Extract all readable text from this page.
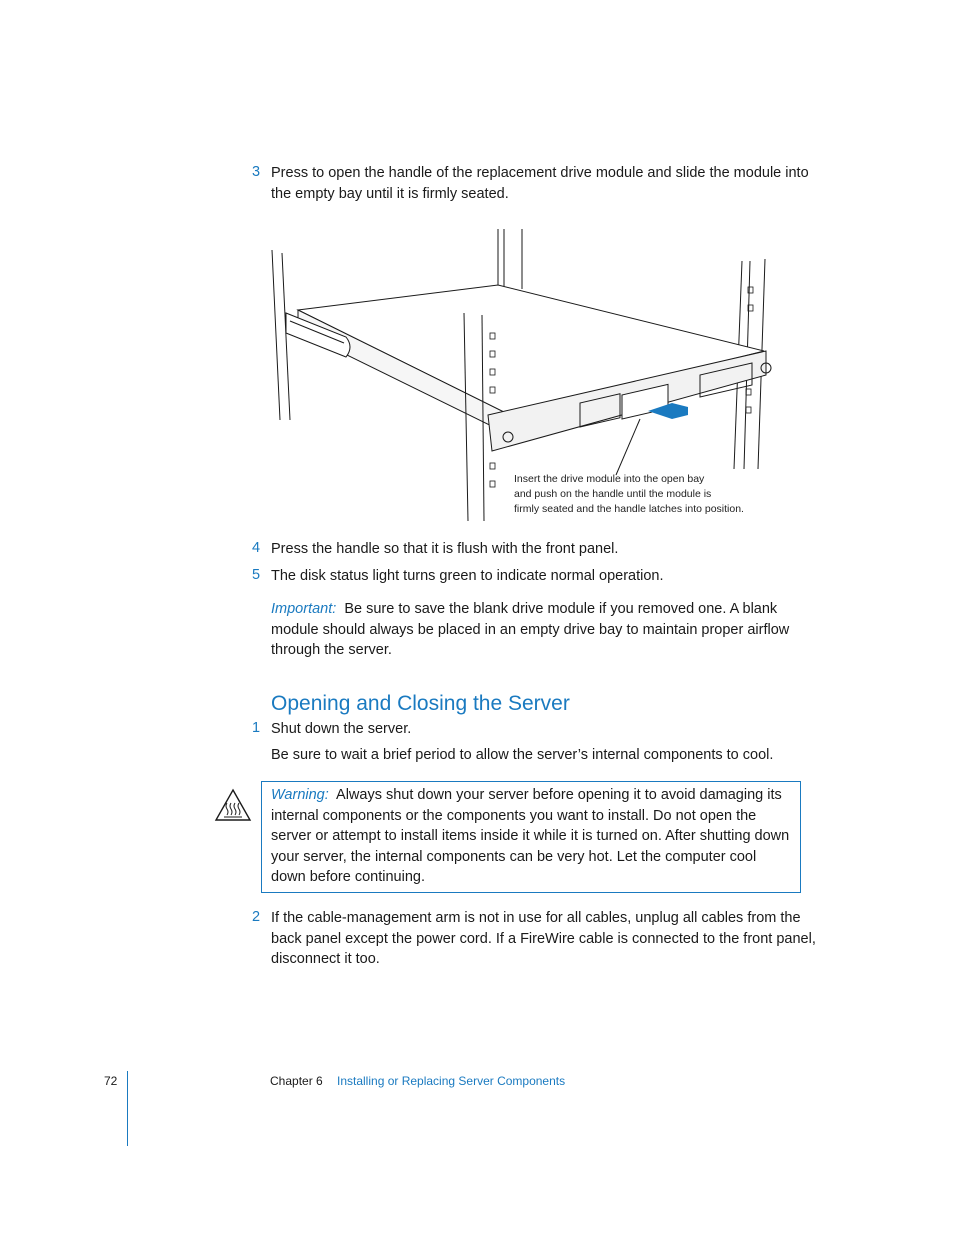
3 Press to open the handle of the replacement drive module and slide the module into the empty bay until it is firmly seated.
Insert the drive module into the open bay
and push on the handle until the module is
firmly seated and the handle latches into position.
4 Press the handle so that it is flush with the front panel.
5 The disk status light turns green to indicate normal operation.
Important: Be sure to save the blank drive module if you removed one. A blank module should always be placed in an empty drive bay to maintain proper airflow through the server.
Opening and Closing the Server
1 Shut down the server.
Be sure to wait a brief period to allow the server’s internal components to cool.
Warning: Always shut down your server before opening it to avoid damaging its internal components or the components you want to install. Do not open the server or attempt to install items inside it while it is turned on. After shutting down your server, the internal components can be very hot. Let the computer cool down before continuing.
2 If the cable-management arm is not in use for all cables, unplug all cables from the back panel except the power cord. If a FireWire cable is connected to the front panel, disconnect it too.
72	Chapter 6 Installing or Replacing Server Components
